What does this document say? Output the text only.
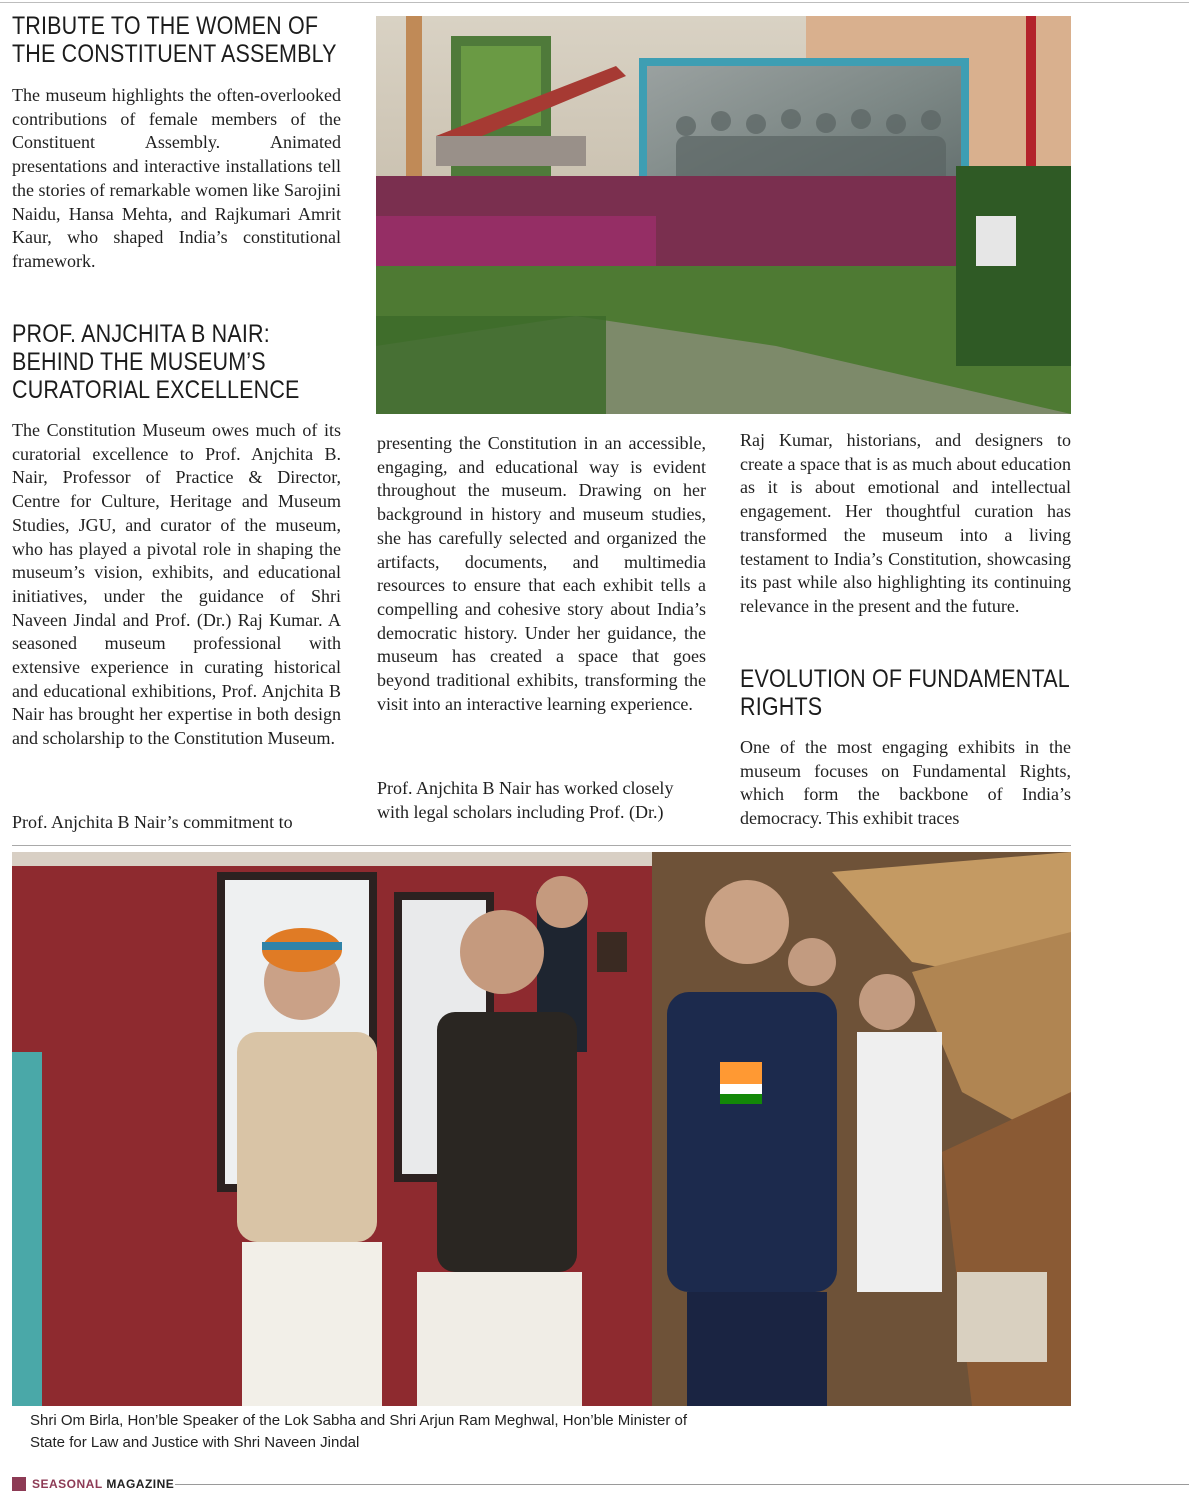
TRIBUTE TO THE WOMEN OF
THE CONSTITUENT ASSEMBLY

The museum highlights the often-overlooked contributions of female members of the Constituent Assembly. Animated presentations and interactive installations tell the stories of remarkable women like Sarojini Naidu, Hansa Mehta, and Rajkumari Amrit Kaur, who shaped India’s constitutional framework.

PROF. ANJCHITA B NAIR:
BEHIND THE MUSEUM’S
CURATORIAL EXCELLENCE

The Constitution Museum owes much of its curatorial excellence to Prof. Anjchita B. Nair, Professor of Practice & Director, Centre for Culture, Heritage and Museum Studies, JGU, and curator of the museum, who has played a pivotal role in shaping the museum’s vision, exhibits, and educational initiatives, under the guidance of Shri Naveen Jindal and Prof. (Dr.) Raj Kumar. A seasoned museum professional with extensive experience in curating historical and educational exhibitions, Prof. Anjchita B Nair has brought her expertise in both design and scholarship to the Constitution Museum.

Prof. Anjchita B Nair’s commitment to

presenting the Constitution in an accessible, engaging, and educational way is evident throughout the museum. Drawing on her background in history and museum studies, she has carefully selected and organized the artifacts, documents, and multimedia resources to ensure that each exhibit tells a compelling and cohesive story about India’s democratic history. Under her guidance, the museum has created a space that goes beyond traditional exhibits, transforming the visit into an interactive learning experience.

Prof. Anjchita B Nair has worked closely with legal scholars including Prof. (Dr.)

Raj Kumar, historians, and designers to create a space that is as much about education as it is about emotional and intellectual engagement. Her thoughtful curation has transformed the museum into a living testament to India’s Constitution, showcasing its past while also highlighting its continuing relevance in the present and the future.

EVOLUTION OF FUNDAMENTAL
RIGHTS

One of the most engaging exhibits in the museum focuses on Fundamental Rights, which form the backbone of India’s democracy. This exhibit traces

Shri Om Birla, Hon’ble Speaker of the Lok Sabha and Shri Arjun Ram Meghwal, Hon’ble Minister of
State for Law and Justice with Shri Naveen Jindal
SEASONAL MAGAZINE
